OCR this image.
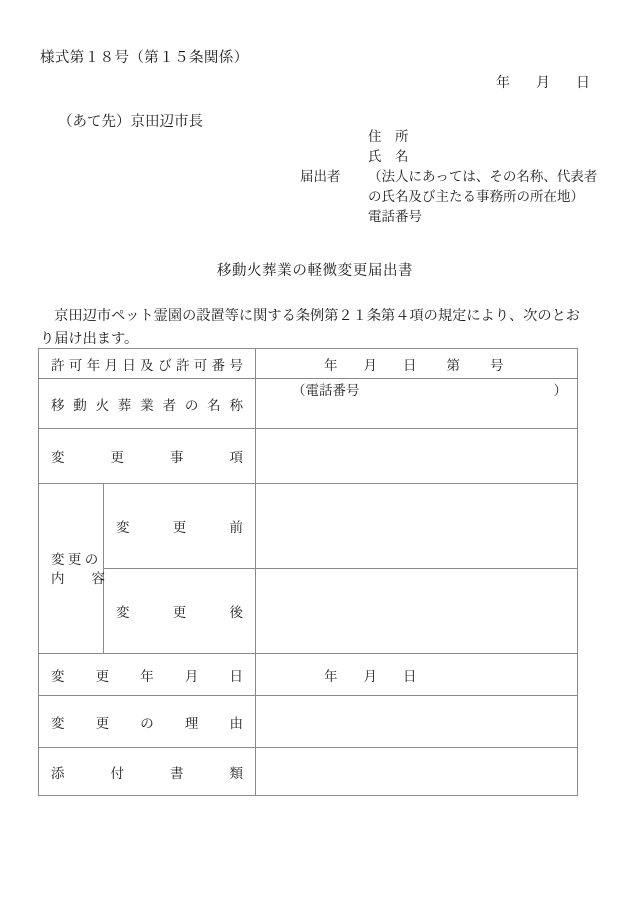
様式第１８号（第１５条関係）
年 月 日
（あて先）京田辺市長
住　所
氏　名
届出者	（法人にあっては、その名称、代表者
の氏名及び主たる事務所の所在地）
電話番号
移動火葬業の軽微変更届出書
京田辺市ペット霊園の設置等に関する条例第２１条第４項の規定により、次のとおり届け出ます。
許可年月日及び許可番号		年 月 日 第 号

移動火葬業者の名称		（電話番号 ）

変更事項		

変 更 の
内　　容	変更前	

	変更後	

変更年月日		年 月 日

変更の理由		

添付書類		
